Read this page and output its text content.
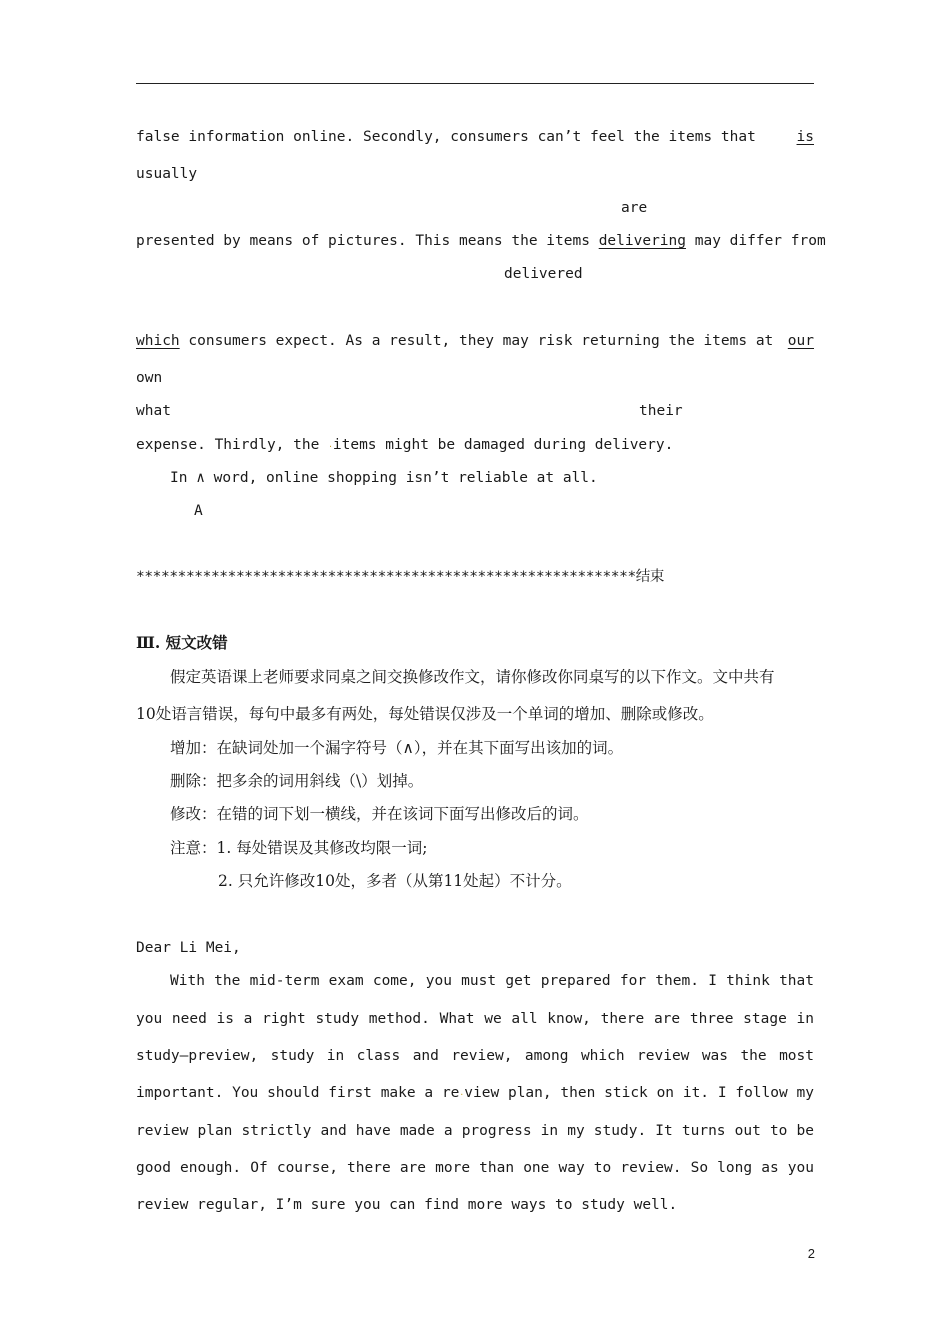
false information online. Secondly, consumers can’t feel the items that	is
usually
are
presented by means of pictures. This means the items delivering may differ from
delivered
which consumers expect. As a result, they may risk returning the items at our
own
what	their
expense. Thirdly, the ·items might be damaged during delivery.
In ∧ word, online shopping isn’t reliable at all.
A
************************************************************结束
Ⅲ. 短文改错
假定英语课上老师要求同桌之间交换修改作文，请你修改你同桌写的以下作文。文中共有
10处语言错误，每句中最多有两处，每处错误仅涉及一个单词的增加、删除或修改。
增加：在缺词处加一个漏字符号（∧），并在其下面写出该加的词。
删除：把多余的词用斜线（\）划掉。
修改：在错的词下划一横线，并在该词下面写出修改后的词。
注意：1. 每处错误及其修改均限一词;
2. 只允许修改10处，多者（从第11处起）不计分。
Dear Li Mei,
With the mid-term exam come, you must get prepared for them. I think that
you need is a right study method. What we all know, there are three stage in
study—preview, study in class and review, among which review was the most
important. You should first make a re·view plan, then stick on it. I follow my
review plan strictly and have made a progress in my study. It turns out to be
good enough. Of course, there are more than one way to review. So long as you
review regular, I’m sure you can find more ways to study well.
2
